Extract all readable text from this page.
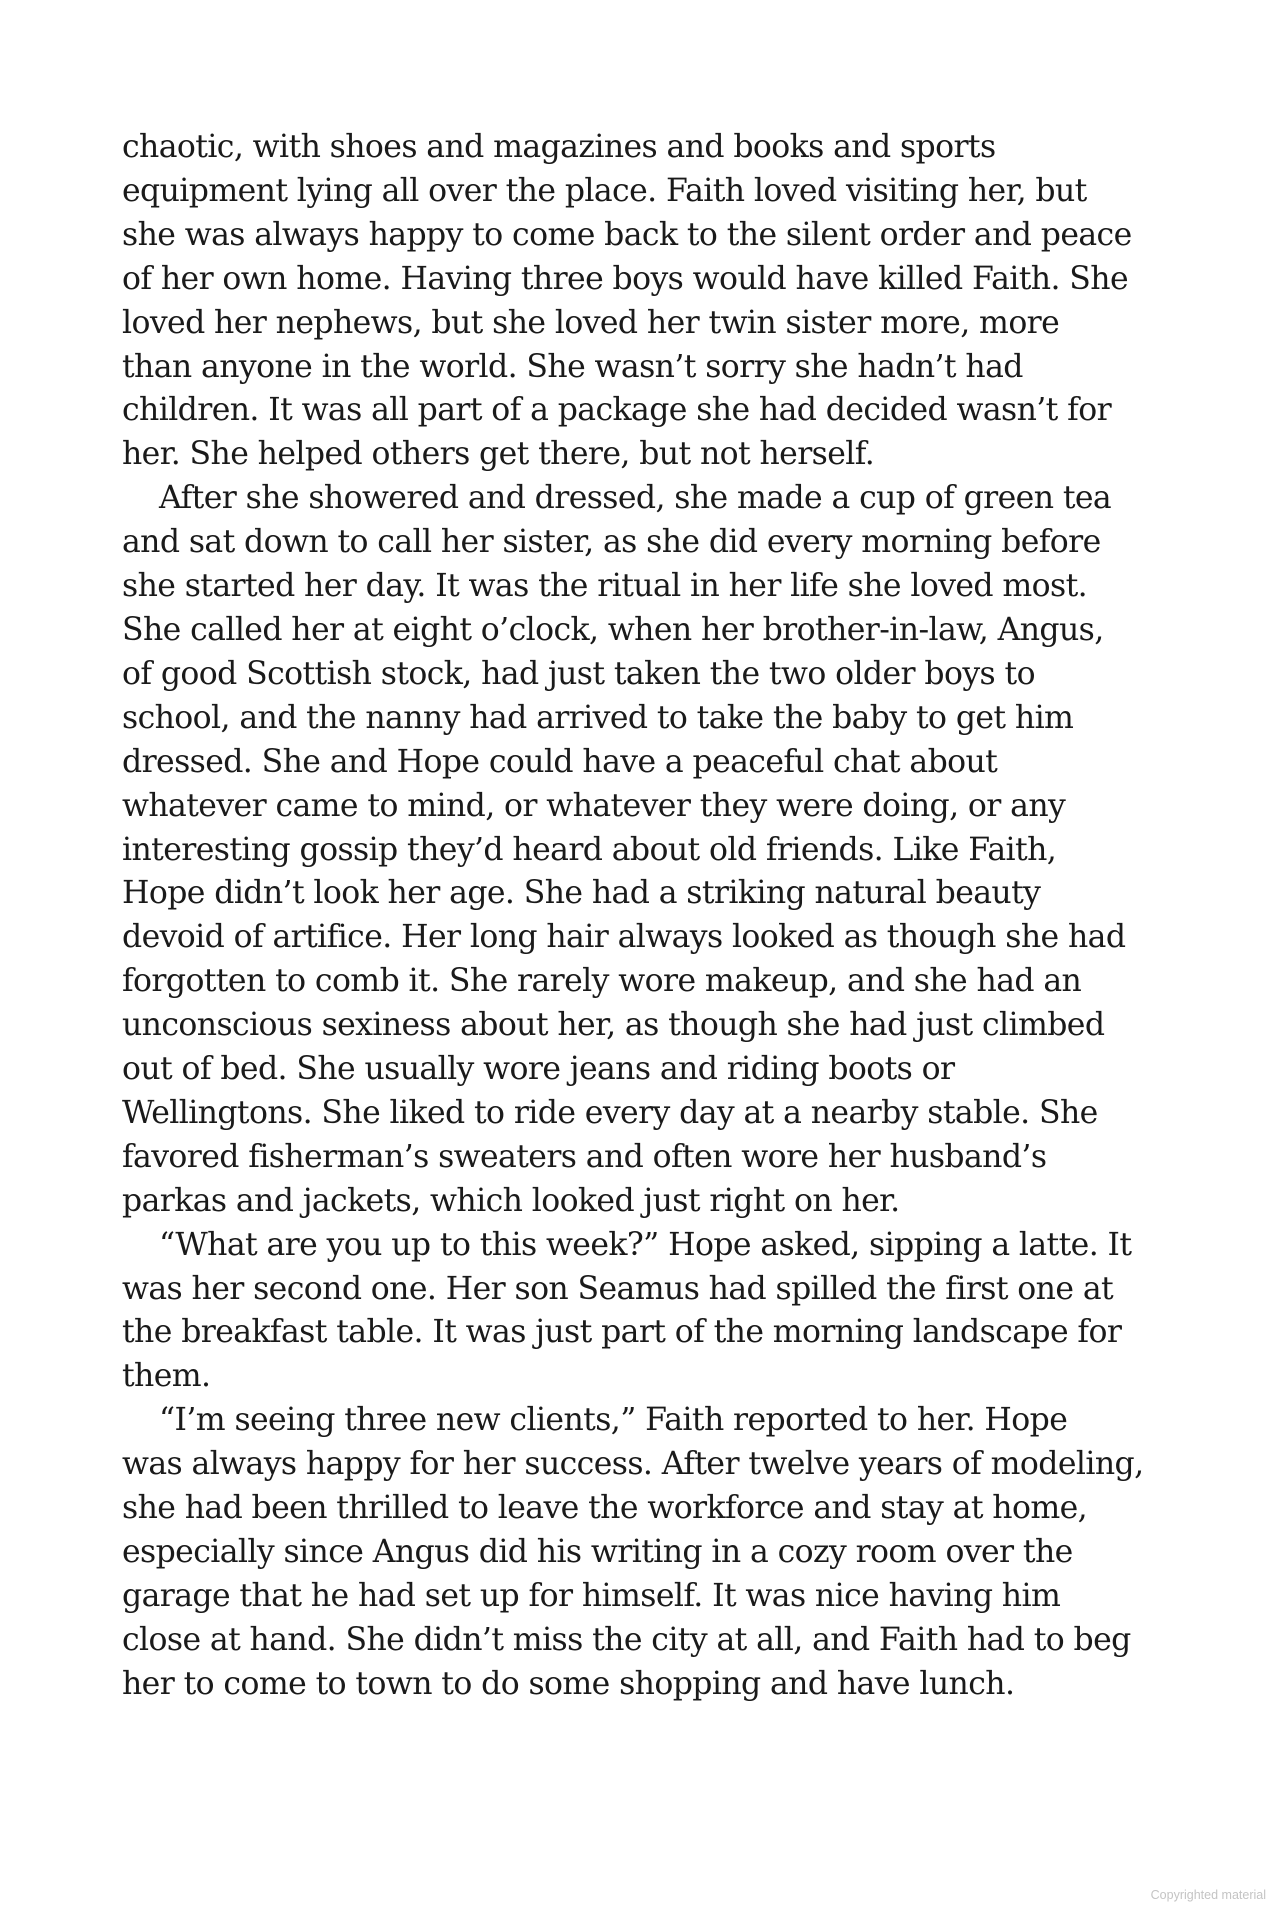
chaotic, with shoes and magazines and books and sports
equipment lying all over the place. Faith loved visiting her, but
she was always happy to come back to the silent order and peace
of her own home. Having three boys would have killed Faith. She
loved her nephews, but she loved her twin sister more, more
than anyone in the world. She wasn’t sorry she hadn’t had
children. It was all part of a package she had decided wasn’t for
her. She helped others get there, but not herself.

After she showered and dressed, she made a cup of green tea
and sat down to call her sister, as she did every morning before
she started her day. It was the ritual in her life she loved most.
She called her at eight o’clock, when her brother-in-law, Angus,
of good Scottish stock, had just taken the two older boys to
school, and the nanny had arrived to take the baby to get him
dressed. She and Hope could have a peaceful chat about
whatever came to mind, or whatever they were doing, or any
interesting gossip they’d heard about old friends. Like Faith,
Hope didn’t look her age. She had a striking natural beauty
devoid of artifice. Her long hair always looked as though she had
forgotten to comb it. She rarely wore makeup, and she had an
unconscious sexiness about her, as though she had just climbed
out of bed. She usually wore jeans and riding boots or
Wellingtons. She liked to ride every day at a nearby stable. She
favored fisherman’s sweaters and often wore her husband’s
parkas and jackets, which looked just right on her.

“What are you up to this week?” Hope asked, sipping a latte. It
was her second one. Her son Seamus had spilled the first one at
the breakfast table. It was just part of the morning landscape for
them.

“I’m seeing three new clients,” Faith reported to her. Hope
was always happy for her success. After twelve years of modeling,
she had been thrilled to leave the workforce and stay at home,
especially since Angus did his writing in a cozy room over the
garage that he had set up for himself. It was nice having him
close at hand. She didn’t miss the city at all, and Faith had to beg
her to come to town to do some shopping and have lunch.

Copyrighted material
